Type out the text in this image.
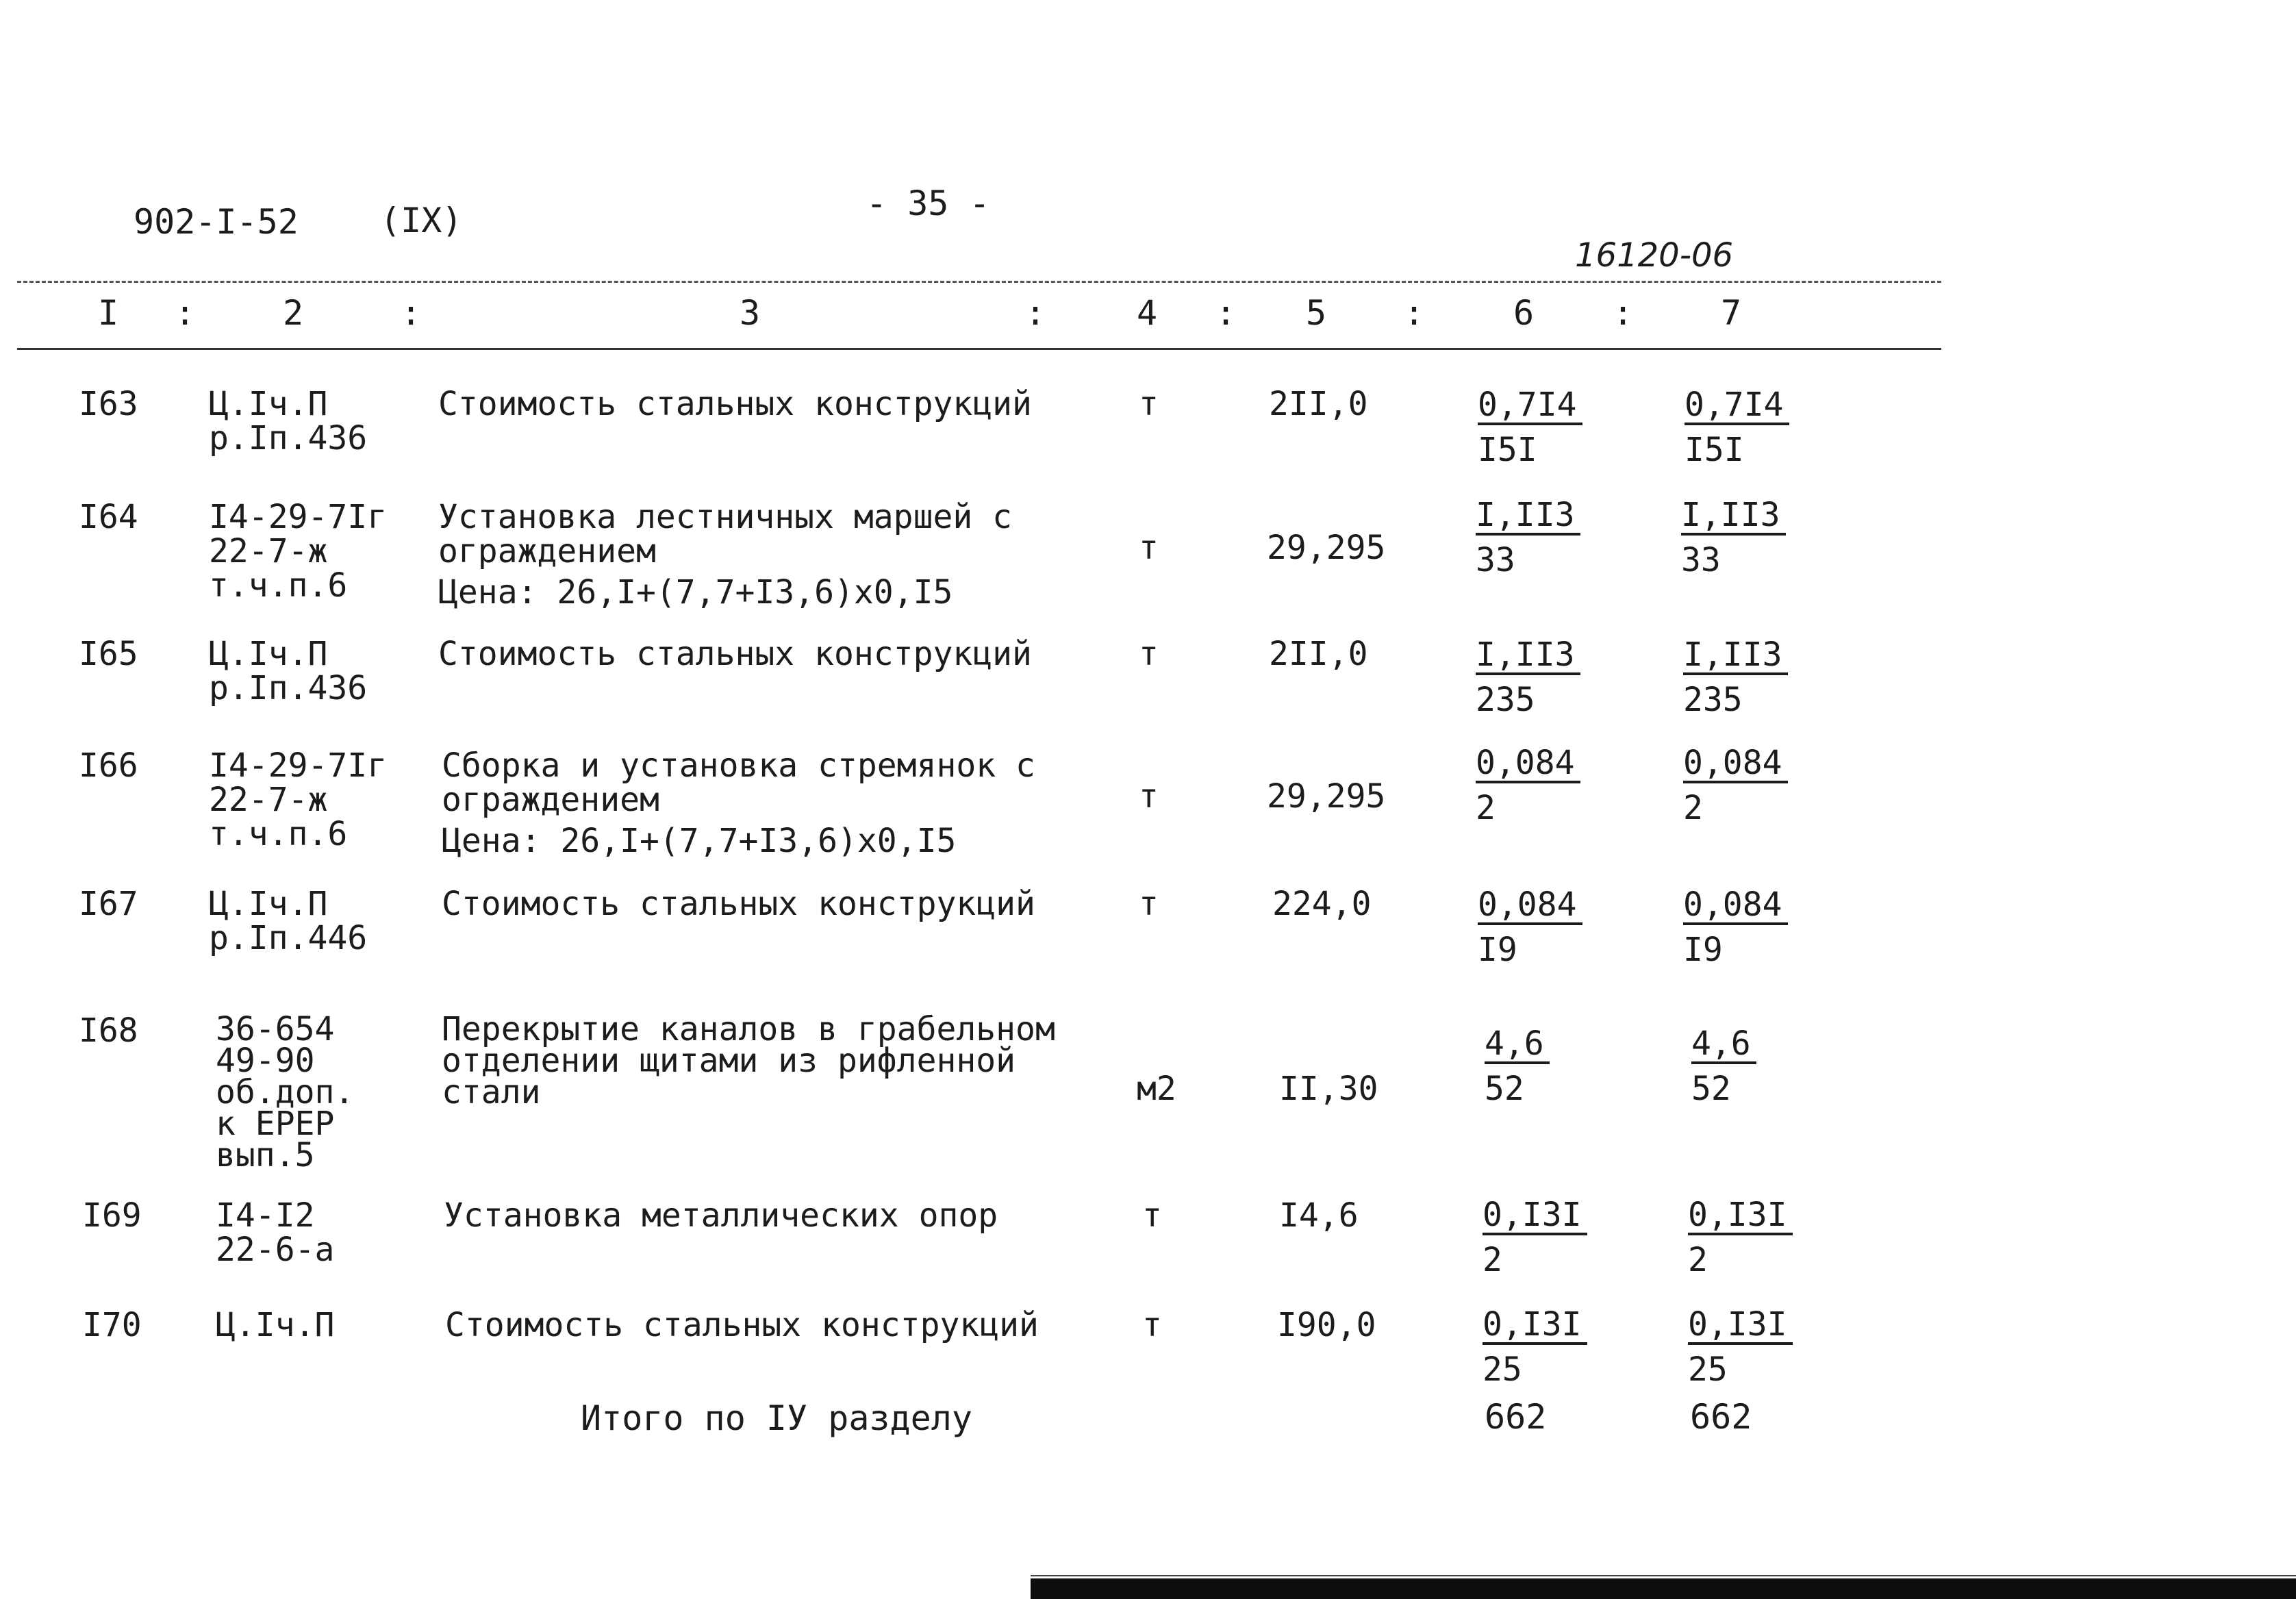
902-I-52 (IX)	- 35 -
16120-06
I :	2	:	3	:	4 : 5 :	6 :	7
I63 Ц.Iч.П
р.Iп.436
Стоимость стальных конструкций	т	2II,0	$\frac{0,7I4}{I5I}$	$\frac{0,7I4}{I5I}$
I64 I4-29-7Iг
22-7-ж
т.ч.п.6
Установка лестничных маршей с
ограждением
Цена: 26,I+(7,7+I3,6)х0,I5
т	29,295	$\frac{I,II3}{33}$	$\frac{I,II3}{33}$
I65 Ц.Iч.П
р.Iп.436
Стоимость стальных конструкций	т	2II,0	$\frac{I,II3}{235}$	$\frac{I,II3}{235}$
I66 I4-29-7Iг
22-7-ж
т.ч.п.6
Сборка и установка стремянок с
ограждением
Цена: 26,I+(7,7+I3,6)х0,I5
т	29,295	$\frac{0,084}{2}$	$\frac{0,084}{2}$
I67 Ц.Iч.П
р.Iп.446
Стоимость стальных конструкций	т	224,0	$\frac{0,084}{I9}$	$\frac{0,084}{I9}$
I68 36-654
49-90
об.доп.
к ЕРЕР
вып.5
Перекрытие каналов в грабельном
отделении щитами из рифленной
стали	м2	II,30	$\frac{4,6}{52}$	$\frac{4,6}{52}$
I69 I4-I2
22-6-а
Установка металлических опор	т	I4,6	$\frac{0,I3I}{2}$	$\frac{0,I3I}{2}$
I70 Ц.Iч.П	Стоимость стальных конструкций	т	I90,0	$\frac{0,I3I}{25}$	$\frac{0,I3I}{25}$
Итого по IУ разделу	662	662
